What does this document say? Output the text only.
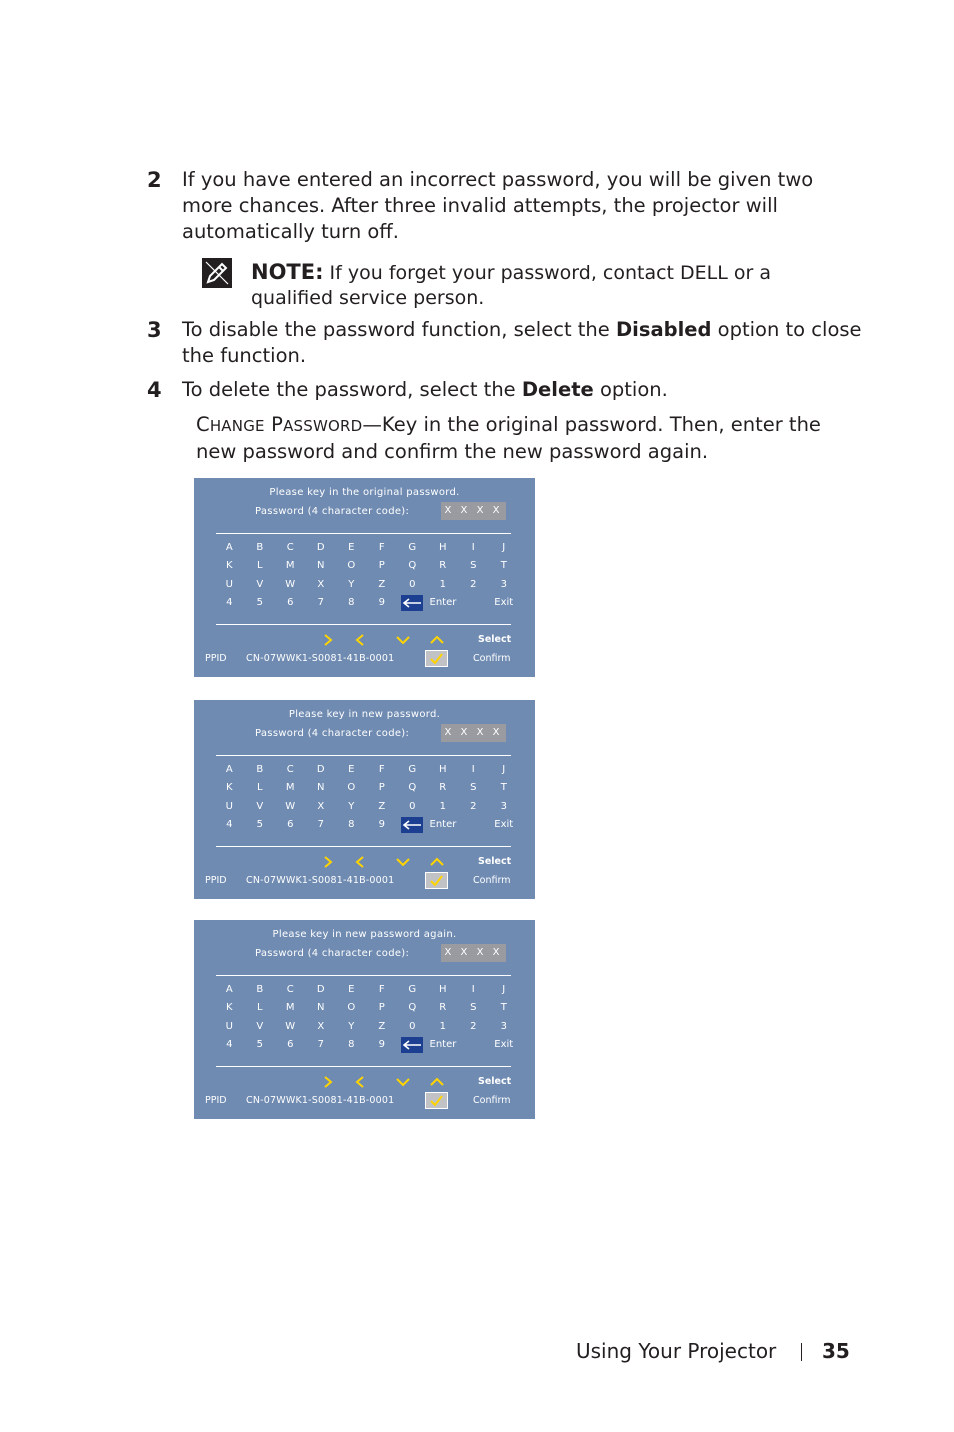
2 If you have entered an incorrect password, you will be given two more chances. After three invalid attempts, the projector will automatically turn off.
NOTE: If you forget your password, contact DELL or a qualified service person.
3 To disable the password function, select the Disabled option to close the function.
4 To delete the password, select the Delete option.
CHANGE PASSWORD—Key in the original password. Then, enter the new password and confirm the new password again.
Please key in the original password.
Password (4 character code):	X X X X
A	B	C	D	E	F	G	H	I	J
K	L	M	N	O	P	Q	R	S	T
U	V	W	X	Y	Z	0	1	2	3
4	5	6	7	8	9	Enter	Exit
Select
PPID CN-07WWK1-S0081-41B-0001	Confirm
Please key in new password.
Password (4 character code):	X X X X
A	B	C	D	E	F	G	H	I	J
K	L	M	N	O	P	Q	R	S	T
U	V	W	X	Y	Z	0	1	2	3
4	5	6	7	8	9	Enter	Exit
Select
PPID CN-07WWK1-S0081-41B-0001	Confirm
Please key in new password again.
Password (4 character code):	X X X X
A	B	C	D	E	F	G	H	I	J
K	L	M	N	O	P	Q	R	S	T
U	V	W	X	Y	Z	0	1	2	3
4	5	6	7	8	9	Enter	Exit
Select
PPID CN-07WWK1-S0081-41B-0001	Confirm
Using Your Projector 35
